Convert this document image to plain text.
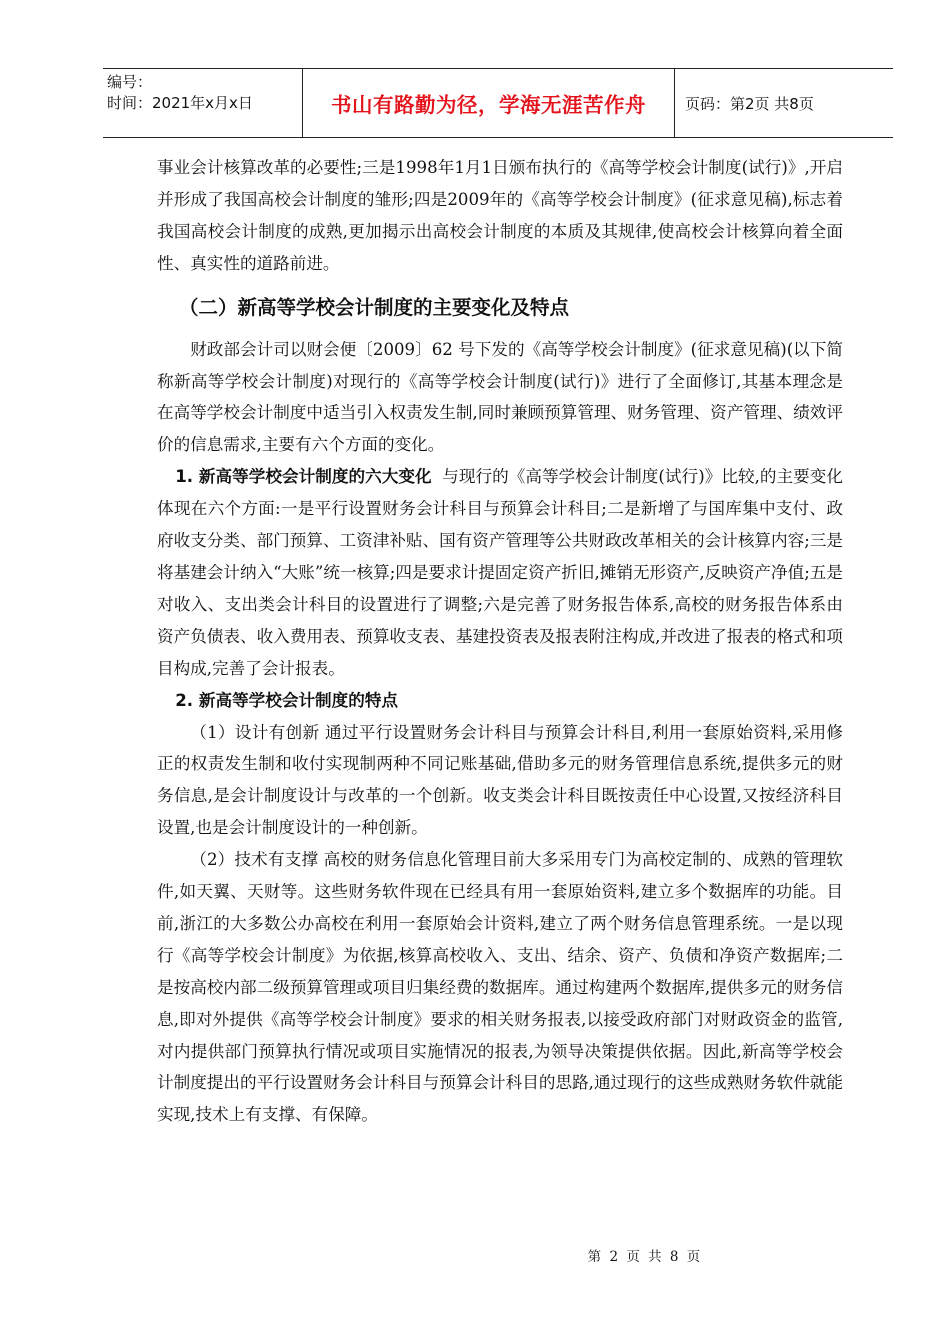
编号：
时间：2021年x月x日	书山有路勤为径，学海无涯苦作舟	页码：第2页 共8页

事业会计核算改革的必要性;三是1998年1月1日颁布执行的《高等学校会计制度(试行)》,开启并形成了我国高校会计制度的雏形;四是2009年的《高等学校会计制度》(征求意见稿),标志着我国高校会计制度的成熟,更加揭示出高校会计制度的本质及其规律,使高校会计核算向着全面性、真实性的道路前进。

（二）新高等学校会计制度的主要变化及特点

财政部会计司以财会便〔2009〕62 号下发的《高等学校会计制度》(征求意见稿)(以下简称新高等学校会计制度)对现行的《高等学校会计制度(试行)》进行了全面修订,其基本理念是在高等学校会计制度中适当引入权责发生制,同时兼顾预算管理、财务管理、资产管理、绩效评价的信息需求,主要有六个方面的变化。

1. 新高等学校会计制度的六大变化 与现行的《高等学校会计制度(试行)》比较,的主要变化体现在六个方面:一是平行设置财务会计科目与预算会计科目;二是新增了与国库集中支付、政府收支分类、部门预算、工资津补贴、国有资产管理等公共财政改革相关的会计核算内容;三是将基建会计纳入“大账”统一核算;四是要求计提固定资产折旧,摊销无形资产,反映资产净值;五是对收入、支出类会计科目的设置进行了调整;六是完善了财务报告体系,高校的财务报告体系由资产负债表、收入费用表、预算收支表、基建投资表及报表附注构成,并改进了报表的格式和项目构成,完善了会计报表。

2. 新高等学校会计制度的特点

（1）设计有创新 通过平行设置财务会计科目与预算会计科目,利用一套原始资料,采用修正的权责发生制和收付实现制两种不同记账基础,借助多元的财务管理信息系统,提供多元的财务信息,是会计制度设计与改革的一个创新。收支类会计科目既按责任中心设置,又按经济科目设置,也是会计制度设计的一种创新。

（2）技术有支撑 高校的财务信息化管理目前大多采用专门为高校定制的、成熟的管理软件,如天翼、天财等。这些财务软件现在已经具有用一套原始资料,建立多个数据库的功能。目前,浙江的大多数公办高校在利用一套原始会计资料,建立了两个财务信息管理系统。一是以现行《高等学校会计制度》为依据,核算高校收入、支出、结余、资产、负债和净资产数据库;二是按高校内部二级预算管理或项目归集经费的数据库。通过构建两个数据库,提供多元的财务信息,即对外提供《高等学校会计制度》要求的相关财务报表,以接受政府部门对财政资金的监管,对内提供部门预算执行情况或项目实施情况的报表,为领导决策提供依据。因此,新高等学校会计制度提出的平行设置财务会计科目与预算会计科目的思路,通过现行的这些成熟财务软件就能实现,技术上有支撑、有保障。

第 2 页 共 8 页
